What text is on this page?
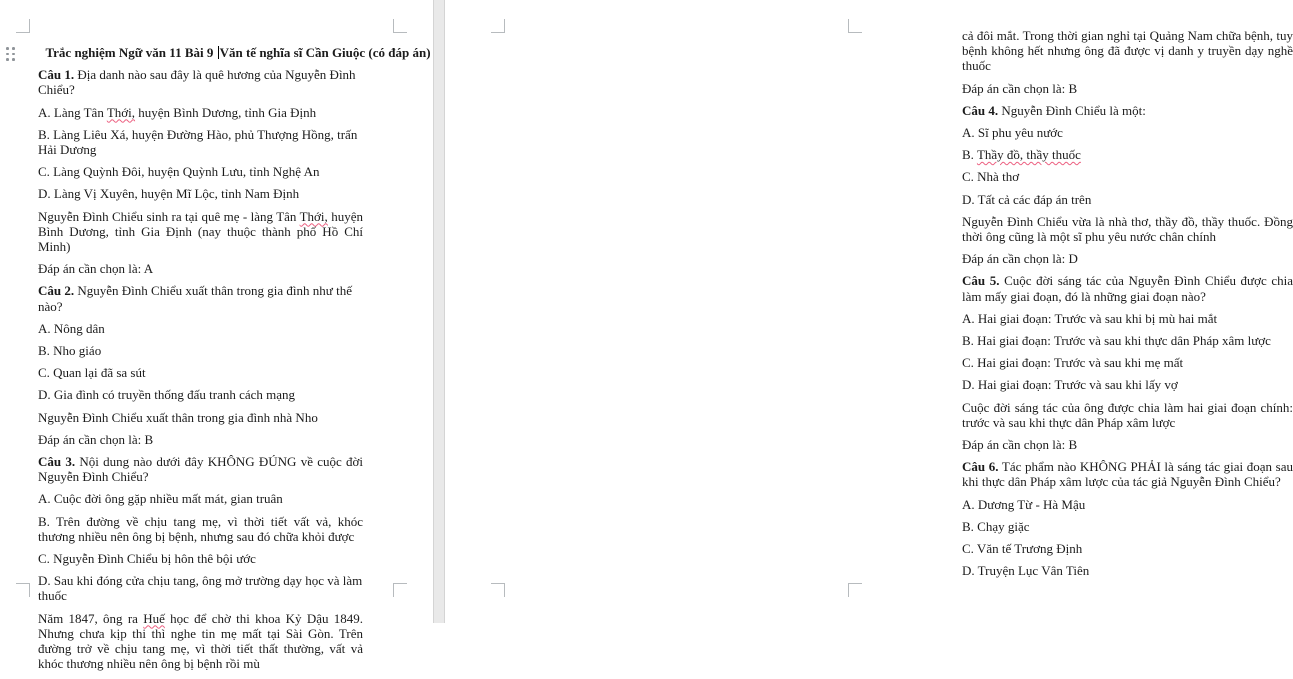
Trắc nghiệm Ngữ văn 11 Bài 9 Văn tế nghĩa sĩ Cần Giuộc (có đáp án)
Câu 1. Địa danh nào sau đây là quê hương của Nguyễn Đình Chiểu?
A. Làng Tân Thới, huyện Bình Dương, tỉnh Gia Định
B. Làng Liêu Xá, huyện Đường Hào, phủ Thượng Hồng, trấn Hải Dương
C. Làng Quỳnh Đôi, huyện Quỳnh Lưu, tỉnh Nghệ An
D. Làng Vị Xuyên, huyện Mĩ Lộc, tỉnh Nam Định
Nguyễn Đình Chiểu sinh ra tại quê mẹ - làng Tân Thới, huyện Bình Dương, tỉnh Gia Định (nay thuộc thành phố Hồ Chí Minh)
Đáp án cần chọn là: A
Câu 2. Nguyễn Đình Chiểu xuất thân trong gia đình như thế nào?
A. Nông dân
B. Nho giáo
C. Quan lại đã sa sút
D. Gia đình có truyền thống đấu tranh cách mạng
Nguyễn Đình Chiểu xuất thân trong gia đình nhà Nho
Đáp án cần chọn là: B
Câu 3. Nội dung nào dưới đây KHÔNG ĐÚNG về cuộc đời Nguyễn Đình Chiểu?
A. Cuộc đời ông gặp nhiều mất mát, gian truân
B. Trên đường về chịu tang mẹ, vì thời tiết vất vả, khóc thương nhiều nên ông bị bệnh, nhưng sau đó chữa khỏi được
C. Nguyễn Đình Chiểu bị hôn thê bội ước
D. Sau khi đóng cửa chịu tang, ông mở trường dạy học và làm thuốc
Năm 1847, ông ra Huế học để chờ thi khoa Kỷ Dậu 1849. Nhưng chưa kịp thi thì nghe tin mẹ mất tại Sài Gòn. Trên đường trở về chịu tang mẹ, vì thời tiết thất thường, vất vả khóc thương nhiều nên ông bị bệnh rồi mù
cả đôi mắt. Trong thời gian nghỉ tại Quảng Nam chữa bệnh, tuy bệnh không hết nhưng ông đã được vị danh y truyền dạy nghề thuốc
Đáp án cần chọn là: B
Câu 4. Nguyễn Đình Chiểu là một:
A. Sĩ phu yêu nước
B. Thầy đồ, thầy thuốc
C. Nhà thơ
D. Tất cả các đáp án trên
Nguyễn Đình Chiểu vừa là nhà thơ, thầy đồ, thầy thuốc. Đồng thời ông cũng là một sĩ phu yêu nước chân chính
Đáp án cần chọn là: D
Câu 5. Cuộc đời sáng tác của Nguyễn Đình Chiểu được chia làm mấy giai đoạn, đó là những giai đoạn nào?
A. Hai giai đoạn: Trước và sau khi bị mù hai mắt
B. Hai giai đoạn: Trước và sau khi thực dân Pháp xâm lược
C. Hai giai đoạn: Trước và sau khi mẹ mất
D. Hai giai đoạn: Trước và sau khi lấy vợ
Cuộc đời sáng tác của ông được chia làm hai giai đoạn chính: trước và sau khi thực dân Pháp xâm lược
Đáp án cần chọn là: B
Câu 6. Tác phẩm nào KHÔNG PHẢI là sáng tác giai đoạn sau khi thực dân Pháp xâm lược của tác giả Nguyễn Đình Chiểu?
A. Dương Từ - Hà Mậu
B. Chạy giặc
C. Văn tế Trương Định
D. Truyện Lục Vân Tiên
